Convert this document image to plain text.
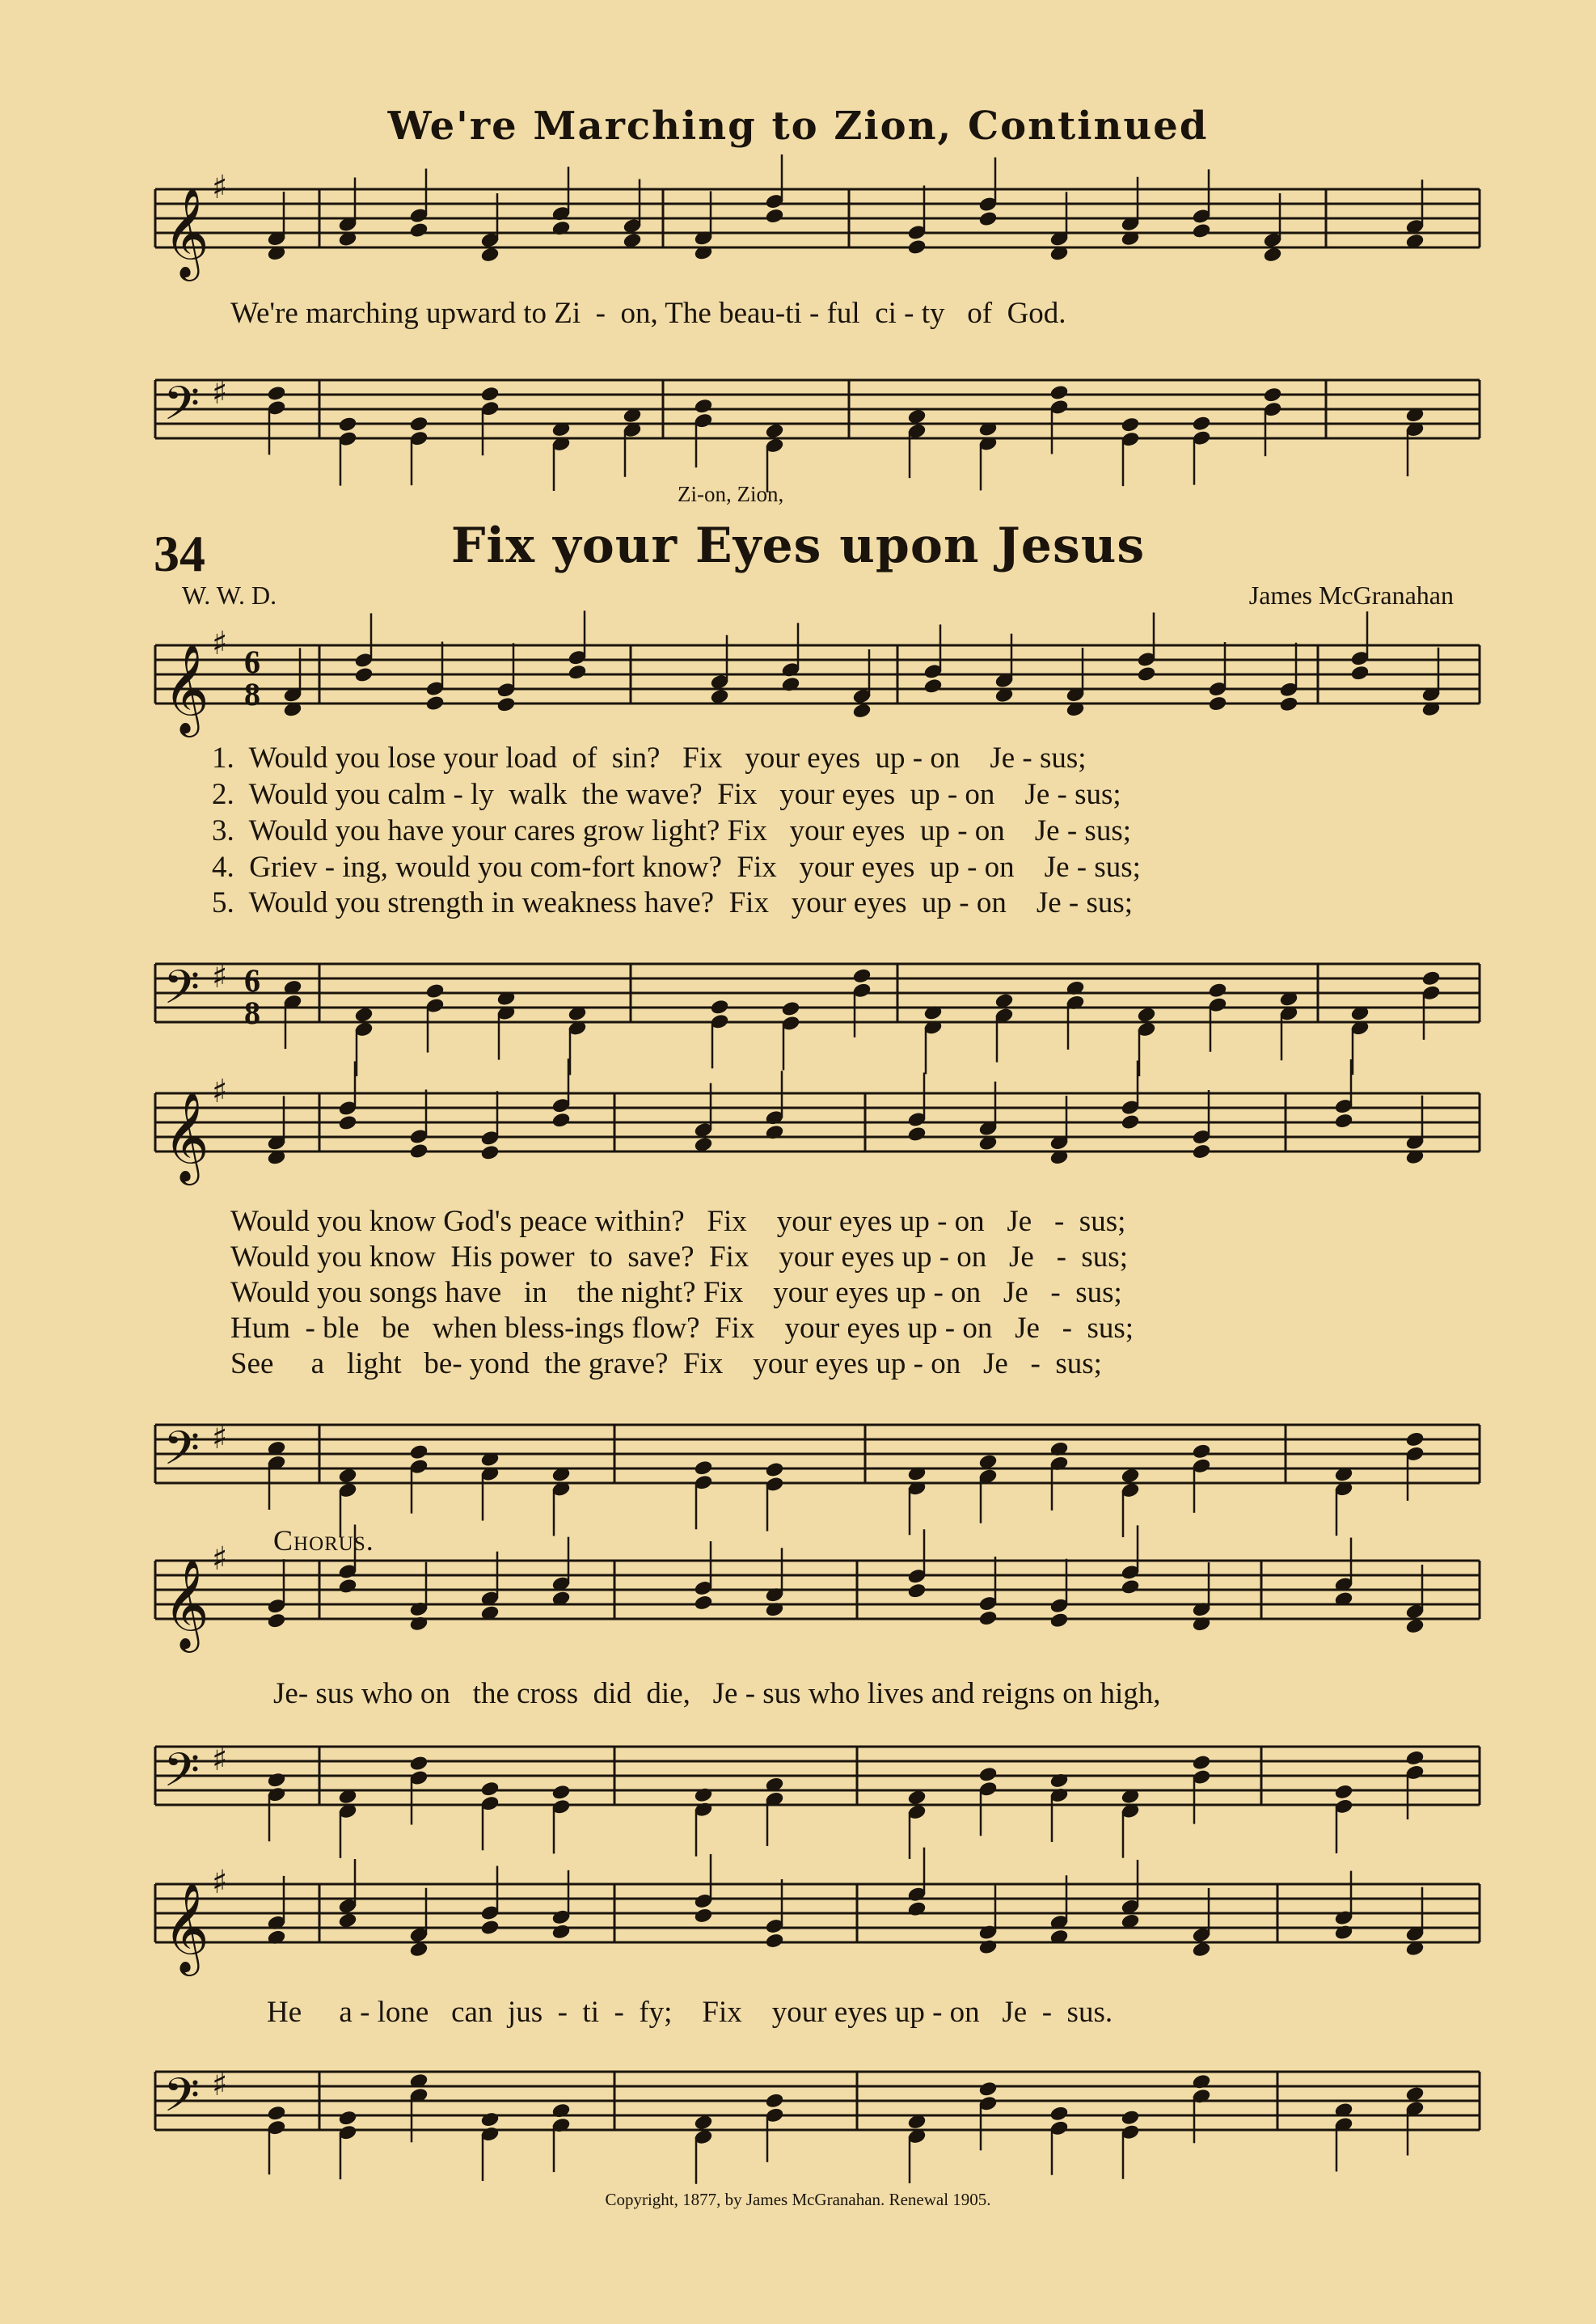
𝄞 ♯
𝄢 ♯
𝄞 ♯ 6
8
𝄢 ♯ 6
8
𝄞 ♯
𝄢 ♯
𝄞 ♯
𝄢 ♯
𝄞 ♯
𝄢 ♯
We're Marching to Zion, Continued
We're marching upward to Zi  -  on, The beau-ti - ful  ci - ty   of  God.
Zi-on, Zion,
34	Fix your Eyes upon Jesus
W. W. D.	James McGranahan
1.  Would you lose your load  of  sin?   Fix   your eyes  up - on    Je - sus;
2.  Would you calm - ly  walk  the wave?  Fix   your eyes  up - on    Je - sus;
3.  Would you have your cares grow light? Fix   your eyes  up - on    Je - sus;
4.  Griev - ing, would you com-fort know?  Fix   your eyes  up - on    Je - sus;
5.  Would you strength in weakness have?  Fix   your eyes  up - on    Je - sus;
Would you know God's peace within?   Fix    your eyes up - on   Je   -  sus;
Would you know  His power  to  save?  Fix    your eyes up - on   Je   -  sus;
Would you songs have   in    the night? Fix    your eyes up - on   Je   -  sus;
Hum  - ble   be   when bless-ings flow?  Fix    your eyes up - on   Je   -  sus;
See     a   light   be- yond  the grave?  Fix    your eyes up - on   Je   -  sus;
Chorus.
Je- sus who on   the cross  did  die,   Je - sus who lives and reigns on high,
He     a - lone   can  jus  -  ti  -  fy;    Fix    your eyes up - on   Je  -  sus.
Copyright, 1877, by James McGranahan. Renewal 1905.
